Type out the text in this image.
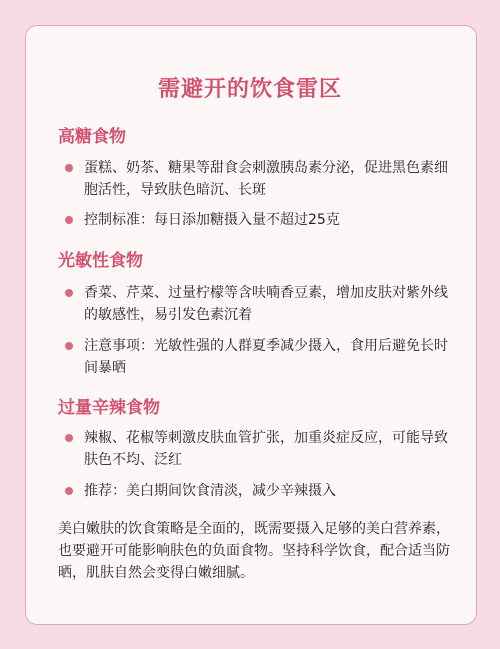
需避开的饮食雷区
高糖食物
蛋糕、奶茶、糖果等甜食会刺激胰岛素分泌，促进黑色素细胞活性，导致肤色暗沉、长斑
控制标准：每日添加糖摄入量不超过25克
光敏性食物
香菜、芹菜、过量柠檬等含呋喃香豆素，增加皮肤对紫外线的敏感性，易引发色素沉着
注意事项：光敏性强的人群夏季减少摄入，食用后避免长时间暴晒
过量辛辣食物
辣椒、花椒等刺激皮肤血管扩张，加重炎症反应，可能导致肤色不均、泛红
推荐：美白期间饮食清淡，减少辛辣摄入
美白嫩肤的饮食策略是全面的，既需要摄入足够的美白营养素，也要避开可能影响肤色的负面食物。坚持科学饮食，配合适当防晒，肌肤自然会变得白嫩细腻。
